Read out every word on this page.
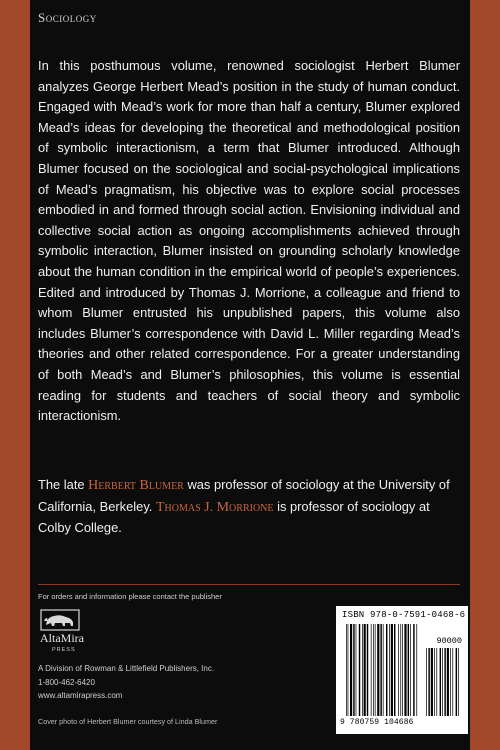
Sociology
In this posthumous volume, renowned sociologist Herbert Blumer analyzes George Herbert Mead’s position in the study of human conduct. Engaged with Mead’s work for more than half a century, Blumer explored Mead’s ideas for developing the theoretical and methodological position of symbolic interactionism, a term that Blumer introduced. Although Blumer focused on the sociological and social-psychological implications of Mead’s pragmatism, his objective was to explore social processes embodied in and formed through social action. Envisioning individual and collective social action as ongoing accomplishments achieved through symbolic interaction, Blumer insisted on grounding scholarly knowledge about the human condition in the empirical world of people’s experiences. Edited and introduced by Thomas J. Morrione, a colleague and friend to whom Blumer entrusted his unpublished papers, this volume also includes Blumer’s correspondence with David L. Miller regarding Mead’s theories and other related correspondence. For a greater understanding of both Mead’s and Blumer’s philosophies, this volume is essential reading for students and teachers of social theory and symbolic interactionism.
The late Herbert Blumer was professor of sociology at the University of California, Berkeley. Thomas J. Morrione is professor of sociology at Colby College.
For orders and information please contact the publisher
AltaMira
PRESS
A Division of Rowman & Littlefield Publishers, Inc.
1-800-462-6420
www.altamirapress.com
Cover photo of Herbert Blumer courtesy of Linda Blumer
ISBN 978-0-7591-0468-6
90000
9 780759 104686
